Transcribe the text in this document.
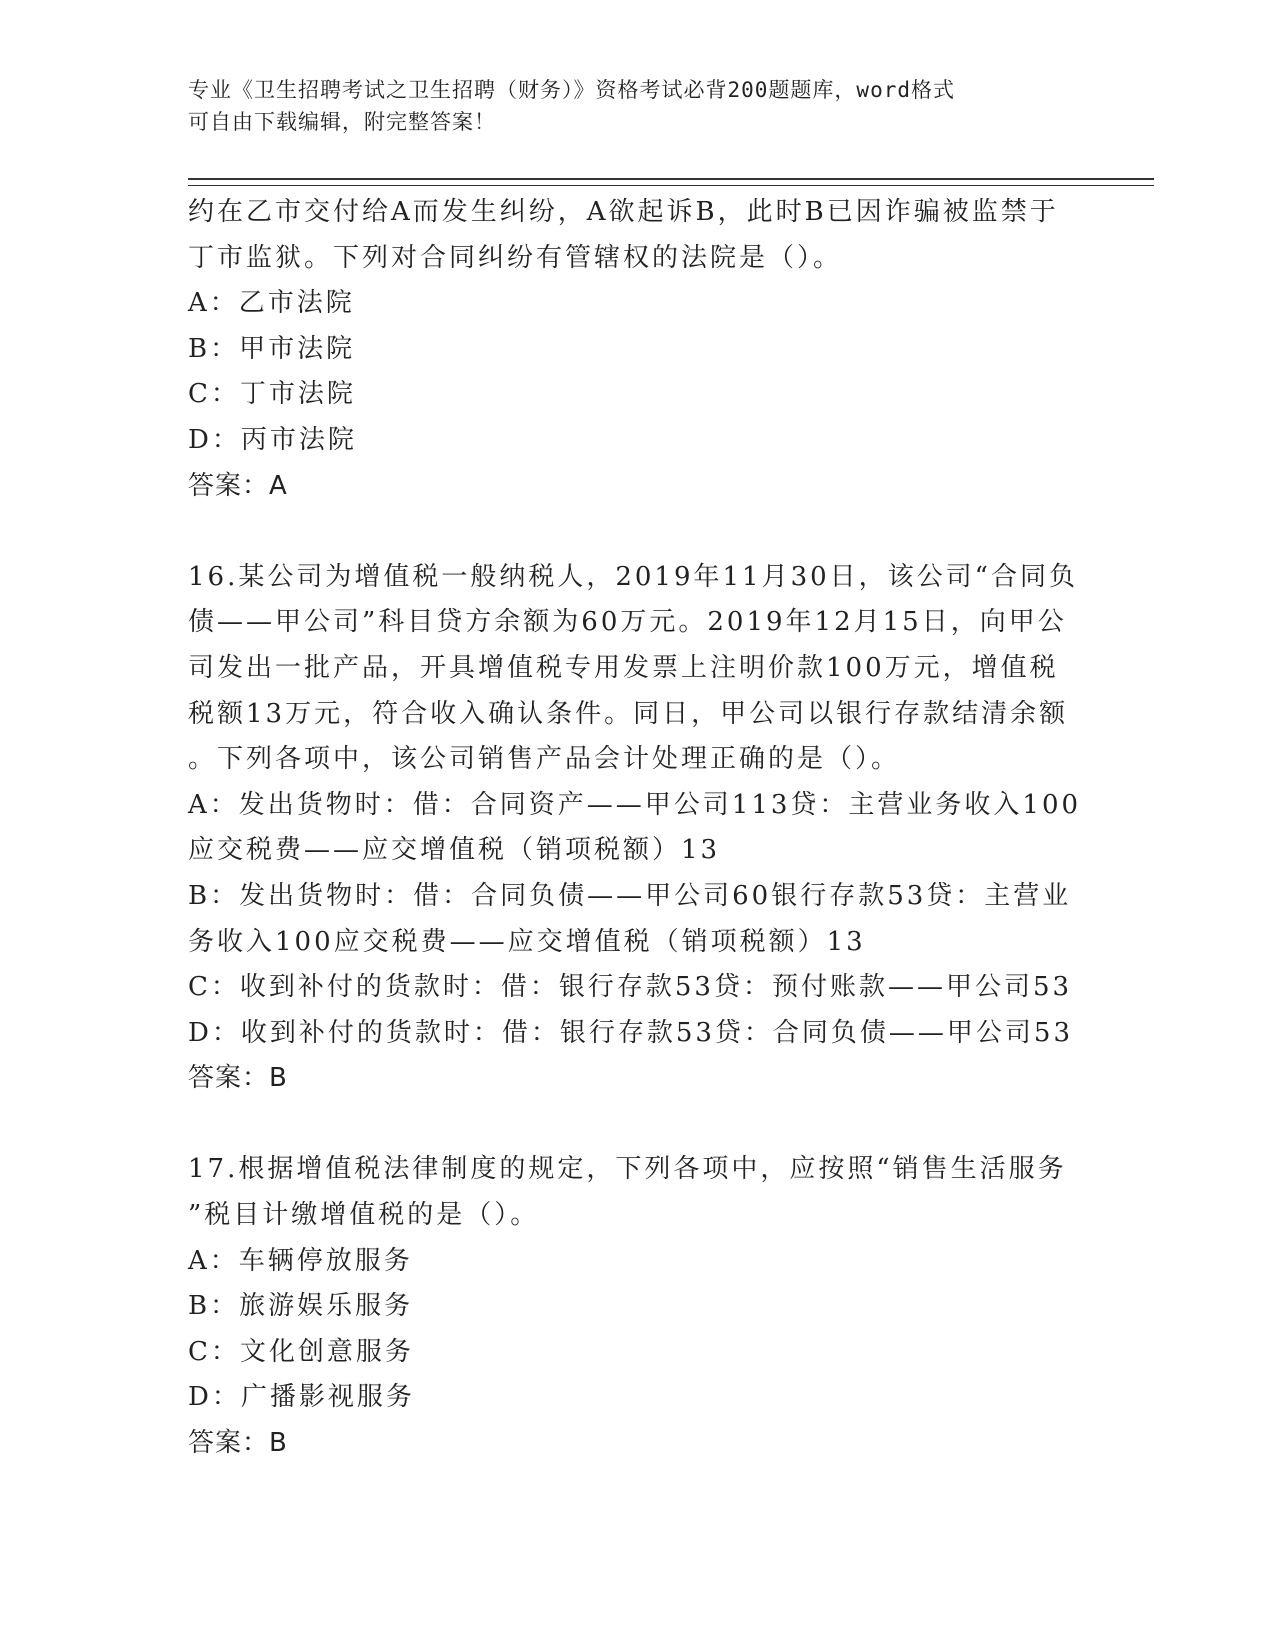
专业《卫生招聘考试之卫生招聘（财务）》资格考试必背200题题库，word格式
可自由下载编辑，附完整答案！
约在乙市交付给A而发生纠纷，A欲起诉B，此时B已因诈骗被监禁于
丁市监狱。下列对合同纠纷有管辖权的法院是（）。
A：乙市法院
B：甲市法院
C：丁市法院
D：丙市法院
答案：A
16.某公司为增值税一般纳税人，2019年11月30日，该公司“合同负
债——甲公司”科目贷方余额为60万元。2019年12月15日，向甲公
司发出一批产品，开具增值税专用发票上注明价款100万元，增值税
税额13万元，符合收入确认条件。同日，甲公司以银行存款结清余额
。下列各项中，该公司销售产品会计处理正确的是（）。
A：发出货物时：借：合同资产——甲公司113贷：主营业务收入100
应交税费——应交增值税（销项税额）13
B：发出货物时：借：合同负债——甲公司60银行存款53贷：主营业
务收入100应交税费——应交增值税（销项税额）13
C：收到补付的货款时：借：银行存款53贷：预付账款——甲公司53
D：收到补付的货款时：借：银行存款53贷：合同负债——甲公司53
答案：B
17.根据增值税法律制度的规定，下列各项中，应按照“销售生活服务
”税目计缴增值税的是（）。
A：车辆停放服务
B：旅游娱乐服务
C：文化创意服务
D：广播影视服务
答案：B
